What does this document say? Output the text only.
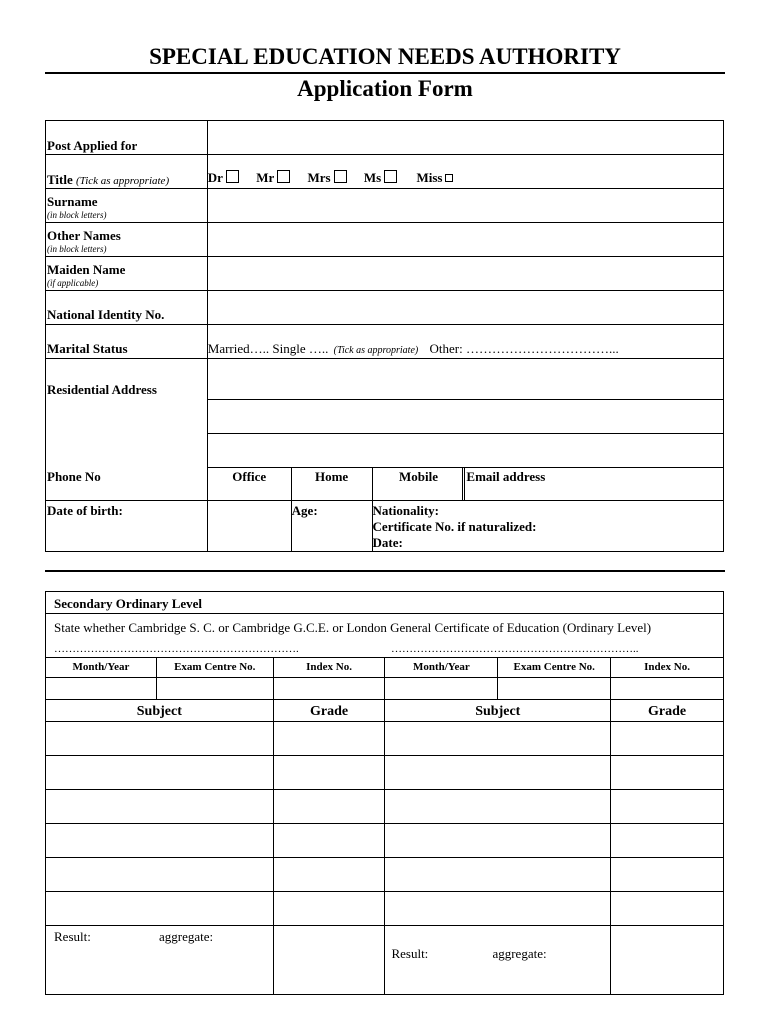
SPECIAL EDUCATION NEEDS AUTHORITY
Application Form
Post Applied for				

Title (Tick as appropriate)	Dr Mr Mrs Ms Miss			

Surname
(in block letters)				

Other Names
(in block letters)				

Maiden Name
(if applicable)				

National Identity No.				

Marital Status	Married….. Single ….. (Tick as appropriate) Other: ……………………………...			

Residential Address				

Phone No	Office	Home	Mobile	Email address
Date of birth:		Age:	Nationality:
Certificate No. if naturalized:
Date:	
Secondary Ordinary Level					
State whether Cambridge S. C. or Cambridge G.C.E. or London General Certificate of Education (Ordinary Level)					
………………………………………………………….			…………………………………………………………..		
Month/Year	Exam Centre No.	Index No.	Month/Year	Exam Centre No.	Index No.

Subject		Grade	Subject		Grade

Result: aggregate:			Result: aggregate:		
